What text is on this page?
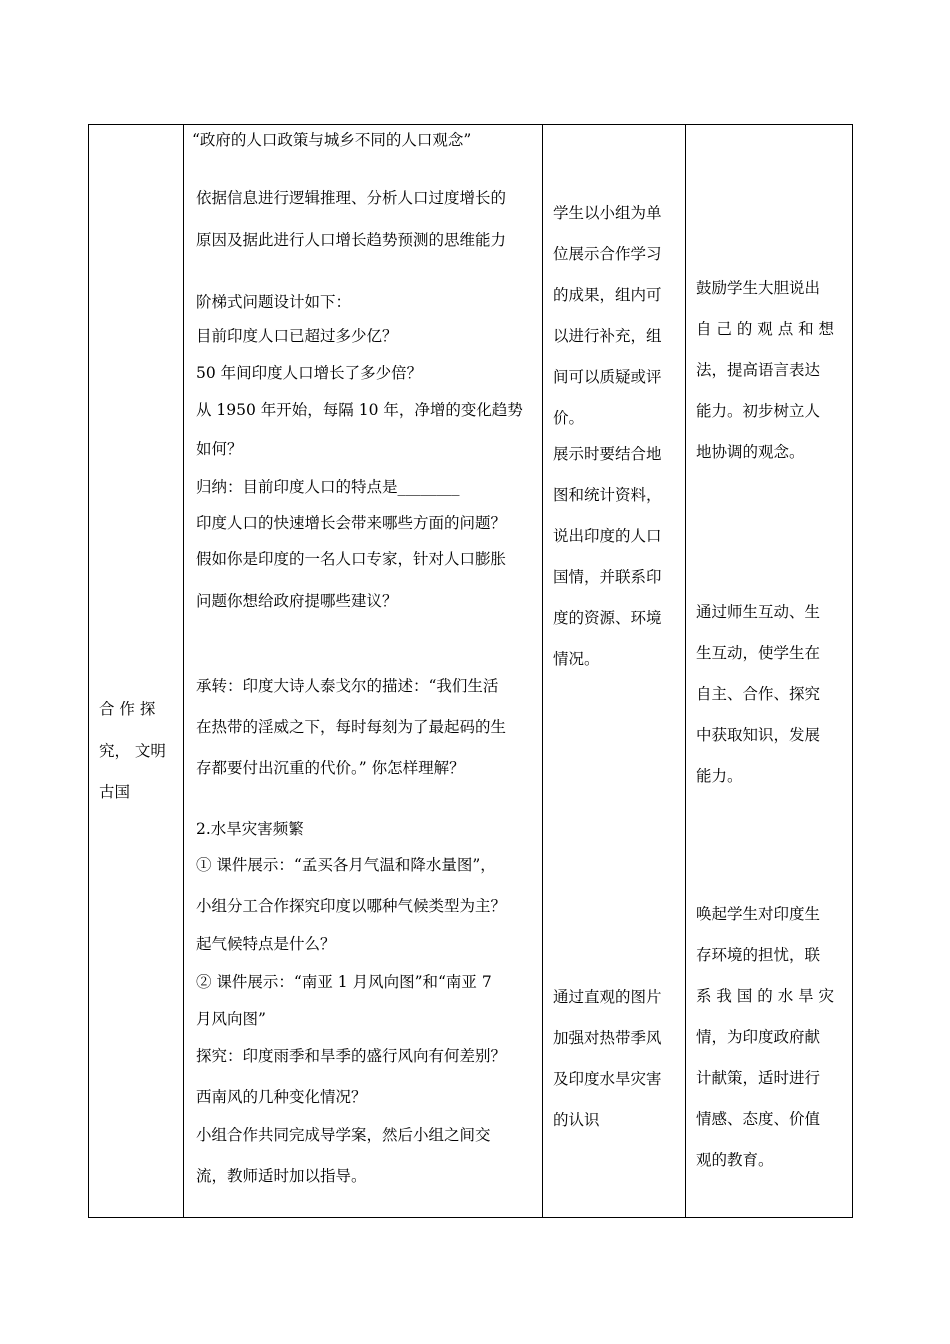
合 作 探
究， 文明
古国
“政府的人口政策与城乡不同的人口观念”
依据信息进行逻辑推理、分析人口过度增长的
原因及据此进行人口增长趋势预测的思维能力
阶梯式问题设计如下：
目前印度人口已超过多少亿？
50 年间印度人口增长了多少倍？
从 1950 年开始，每隔 10 年，净增的变化趋势
如何？
归纳：目前印度人口的特点是________
印度人口的快速增长会带来哪些方面的问题？
假如你是印度的一名人口专家，针对人口膨胀
问题你想给政府提哪些建议？
承转：印度大诗人泰戈尔的描述：“我们生活
在热带的淫威之下，每时每刻为了最起码的生
存都要付出沉重的代价。” 你怎样理解？
2.水旱灾害频繁
① 课件展示：“孟买各月气温和降水量图”，
小组分工合作探究印度以哪种气候类型为主？
起气候特点是什么？
② 课件展示：“南亚 1 月风向图”和“南亚 7
月风向图”
探究：印度雨季和旱季的盛行风向有何差别？
西南风的几种变化情况？
小组合作共同完成导学案，然后小组之间交
流，教师适时加以指导。
学生以小组为单
位展示合作学习
的成果，组内可
以进行补充，组
间可以质疑或评
价。
展示时要结合地
图和统计资料，
说出印度的人口
国情，并联系印
度的资源、环境
情况。
通过直观的图片
加强对热带季风
及印度水旱灾害
的认识
鼓励学生大胆说出
自 己 的 观 点 和 想
法，提高语言表达
能力。初步树立人
地协调的观念。
通过师生互动、生
生互动，使学生在
自主、合作、探究
中获取知识，发展
能力。
唤起学生对印度生
存环境的担忧，联
系 我 国 的 水 旱 灾
情，为印度政府献
计献策，适时进行
情感、态度、价值
观的教育。
